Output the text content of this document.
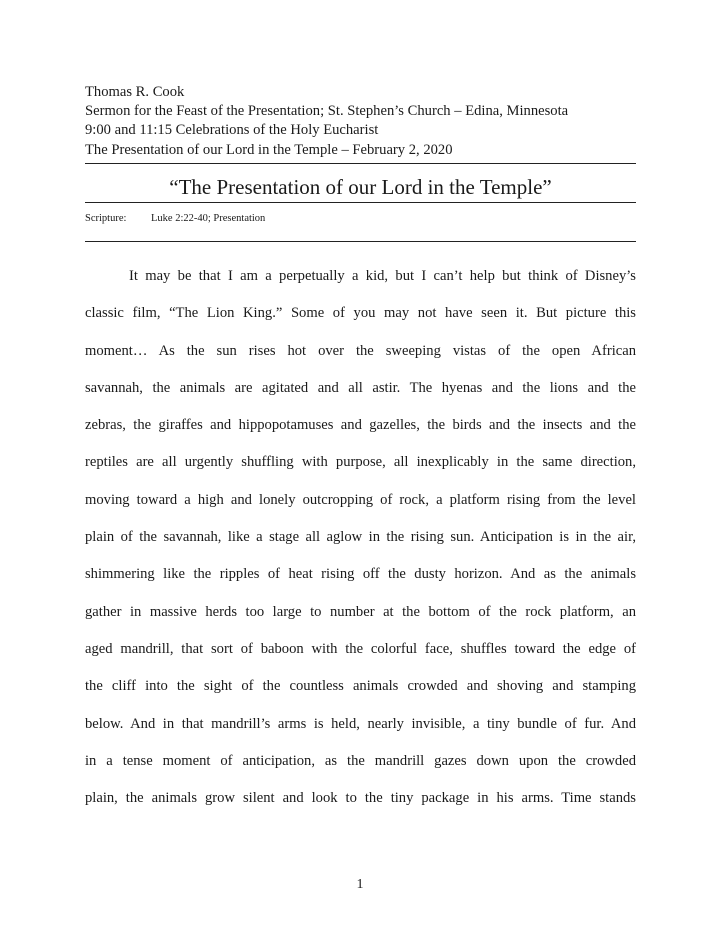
Thomas R. Cook
Sermon for the Feast of the Presentation; St. Stephen’s Church – Edina, Minnesota
9:00 and 11:15 Celebrations of the Holy Eucharist
The Presentation of our Lord in the Temple – February 2, 2020
“The Presentation of our Lord in the Temple”
Scripture: Luke 2:22-40; Presentation
It may be that I am a perpetually a kid, but I can’t help but think of Disney’s
classic film, “The Lion King.” Some of you may not have seen it. But picture this
moment… As the sun rises hot over the sweeping vistas of the open African
savannah, the animals are agitated and all astir. The hyenas and the lions and the
zebras, the giraffes and hippopotamuses and gazelles, the birds and the insects and the
reptiles are all urgently shuffling with purpose, all inexplicably in the same direction,
moving toward a high and lonely outcropping of rock, a platform rising from the level
plain of the savannah, like a stage all aglow in the rising sun. Anticipation is in the air,
shimmering like the ripples of heat rising off the dusty horizon. And as the animals
gather in massive herds too large to number at the bottom of the rock platform, an
aged mandrill, that sort of baboon with the colorful face, shuffles toward the edge of
the cliff into the sight of the countless animals crowded and shoving and stamping
below. And in that mandrill’s arms is held, nearly invisible, a tiny bundle of fur. And
in a tense moment of anticipation, as the mandrill gazes down upon the crowded
plain, the animals grow silent and look to the tiny package in his arms. Time stands
1
